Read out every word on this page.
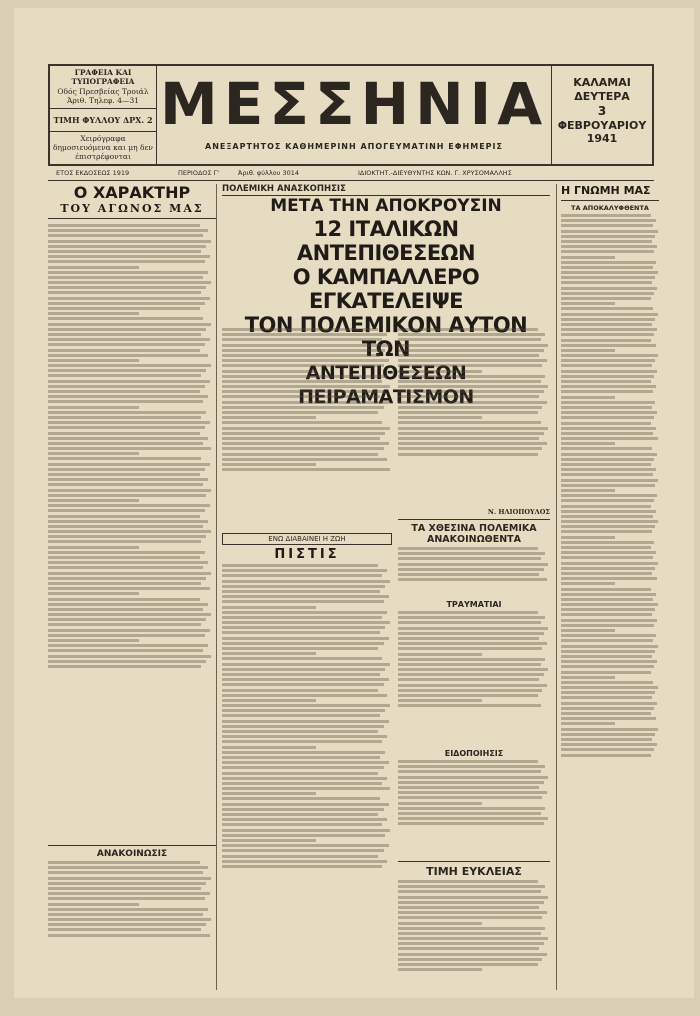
ΓΡΑΦΕΙΑ ΚΑΙ ΤΥΠΟΓΡΑΦΕΙΑ
Οδός Πρεσβείας Τροιάλ
Άριθ. Τηλεφ. 4—31
ΤΙΜΗ ΦΥΛΛΟΥ ΔΡΧ. 2
Χειρόγραφα δημοσιευόμενα και μη δεν έπιστρέφονται
ΜΕΣΣΗΝΙΑ
ΑΝΕΞΑΡΤΗΤΟΣ ΚΑΘΗΜΕΡΙΝΗ ΑΠΟΓΕΥΜΑΤΙΝΗ ΕΦΗΜΕΡΙΣ
ΚΑΛΑΜΑΙ
ΔΕΥΤΕΡΑ
3
ΦΕΒΡΟΥΑΡΙΟΥ
1941
ΕΤΟΣ ΕΚΔΟΣΕΩΣ 1919	ΠΕΡΙΟΔΟΣ Γ'	Άριθ. φύλλου 3014	ΙΔΙΟΚΤΗΤ.-ΔΙΕΥΘΥΝΤΗΣ ΚΩΝ. Γ. ΧΡΥΣΟΜΑΛΛΗΣ
Ο ΧΑΡΑΚΤΗΡ
ΤΟΥ ΑΓΩΝΟΣ ΜΑΣ
ΑΝΑΚΟΙΝΩΣΙΣ
ΠΟΛΕΜΙΚΗ ΑΝΑΣΚΟΠΗΣΙΣ
ΜΕΤΑ ΤΗΝ ΑΠΟΚΡΟΥΣΙΝ
12 ΙΤΑΛΙΚΩΝ ΑΝΤΕΠΙΘΕΣΕΩΝ
Ο ΚΑΜΠΑΛΛΕΡΟ ΕΓΚΑΤΕΛΕΙΨΕ
ΤΟΝ ΠΟΛΕΜΙΚΟΝ ΑΥΤΟΝ ΤΩΝ
ΑΝΤΕΠΙΘΕΣΕΩΝ ΠΕΙΡΑΜΑΤΙΣΜΟΝ
ΕΝΩ ΔΙΑΒΑΙΝΕΙ Η ΖΩΗ
ΠΙΣΤΙΣ
Ν. ΗΛΙΟΠΟΥΛΟΣ
ΤΑ ΧΘΕΣΙΝΑ ΠΟΛΕΜΙΚΑ ΑΝΑΚΟΙΝΩΘΕΝΤΑ
ΤΡΑΥΜΑΤΙΑΙ
ΕΙΔΟΠΟΙΗΣΙΣ
ΤΙΜΗ ΕΥΚΛΕΙΑΣ
Η ΓΝΩΜΗ ΜΑΣ
ΤΑ ΑΠΟΚΑΛΥΦΘΕΝΤΑ
